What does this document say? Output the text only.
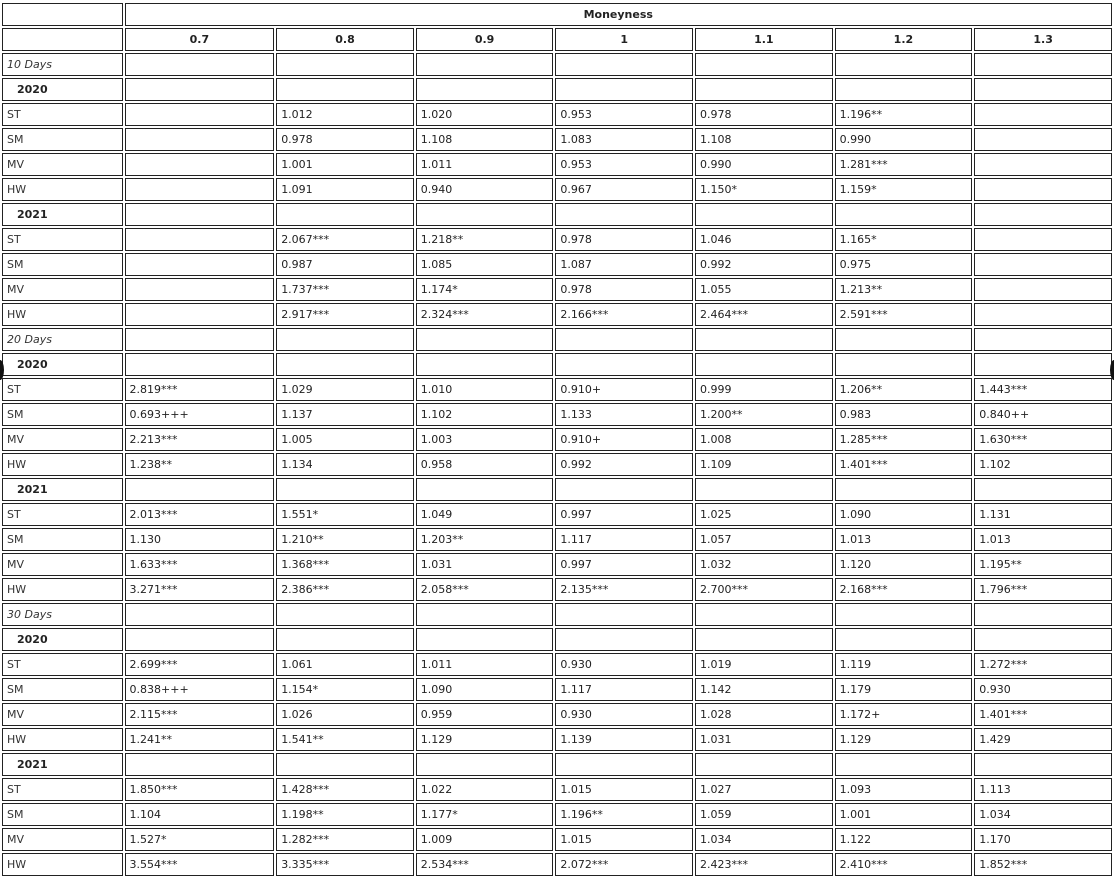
	Moneyness						
	0.7	0.8	0.9	1	1.1	1.2	1.3
10 Days							
2020							
ST		1.012	1.020	0.953	0.978	1.196**	
SM		0.978	1.108	1.083	1.108	0.990	
MV		1.001	1.011	0.953	0.990	1.281***	
HW		1.091	0.940	0.967	1.150*	1.159*	
2021							
ST		2.067***	1.218**	0.978	1.046	1.165*	
SM		0.987	1.085	1.087	0.992	0.975	
MV		1.737***	1.174*	0.978	1.055	1.213**	
HW		2.917***	2.324***	2.166***	2.464***	2.591***	
20 Days							
2020							
ST	2.819***	1.029	1.010	0.910+	0.999	1.206**	1.443***
SM	0.693+++	1.137	1.102	1.133	1.200**	0.983	0.840++
MV	2.213***	1.005	1.003	0.910+	1.008	1.285***	1.630***
HW	1.238**	1.134	0.958	0.992	1.109	1.401***	1.102
2021							
ST	2.013***	1.551*	1.049	0.997	1.025	1.090	1.131
SM	1.130	1.210**	1.203**	1.117	1.057	1.013	1.013
MV	1.633***	1.368***	1.031	0.997	1.032	1.120	1.195**
HW	3.271***	2.386***	2.058***	2.135***	2.700***	2.168***	1.796***
30 Days							
2020							
ST	2.699***	1.061	1.011	0.930	1.019	1.119	1.272***
SM	0.838+++	1.154*	1.090	1.117	1.142	1.179	0.930
MV	2.115***	1.026	0.959	0.930	1.028	1.172+	1.401***
HW	1.241**	1.541**	1.129	1.139	1.031	1.129	1.429
2021							
ST	1.850***	1.428***	1.022	1.015	1.027	1.093	1.113
SM	1.104	1.198**	1.177*	1.196**	1.059	1.001	1.034
MV	1.527*	1.282***	1.009	1.015	1.034	1.122	1.170
HW	3.554***	3.335***	2.534***	2.072***	2.423***	2.410***	1.852***
